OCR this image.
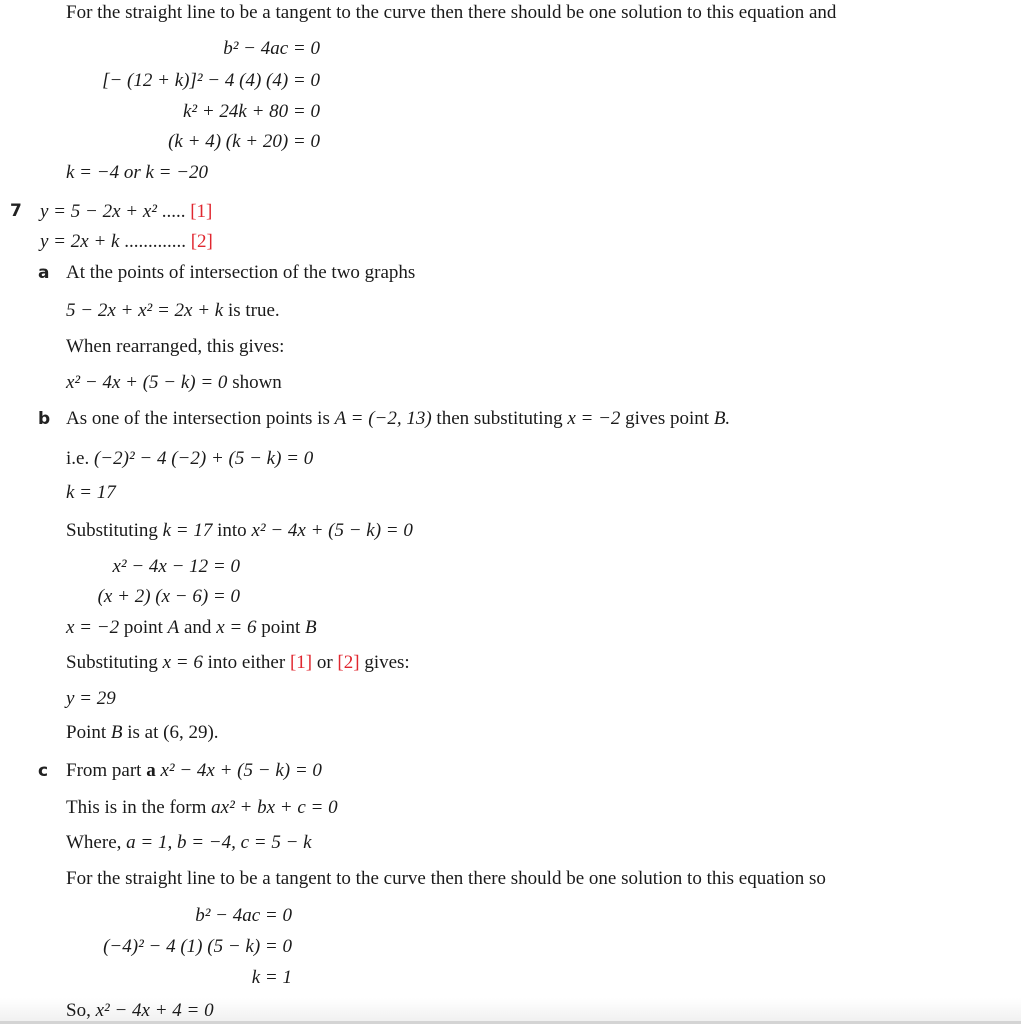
For the straight line to be a tangent to the curve then there should be one solution to this equation and
b² − 4ac = 0
[− (12 + k)]² − 4 (4) (4) = 0
k² + 24k + 80 = 0
(k + 4) (k + 20) = 0
k = −4 or k = −20
7 y = 5 − 2x + x² ..... [1]
y = 2x + k ............. [2]
a At the points of intersection of the two graphs
5 − 2x + x² = 2x + k is true.
When rearranged, this gives:
x² − 4x + (5 − k) = 0 shown
b As one of the intersection points is A = (−2, 13) then substituting x = −2 gives point B.
i.e. (−2)² − 4 (−2) + (5 − k) = 0
k = 17
Substituting k = 17 into x² − 4x + (5 − k) = 0
x² − 4x − 12 = 0
(x + 2) (x − 6) = 0
x = −2 point A and x = 6 point B
Substituting x = 6 into either [1] or [2] gives:
y = 29
Point B is at (6, 29).
c From part a x² − 4x + (5 − k) = 0
This is in the form ax² + bx + c = 0
Where, a = 1, b = −4, c = 5 − k
For the straight line to be a tangent to the curve then there should be one solution to this equation so
b² − 4ac = 0
(−4)² − 4 (1) (5 − k) = 0
k = 1
So, x² − 4x + 4 = 0
